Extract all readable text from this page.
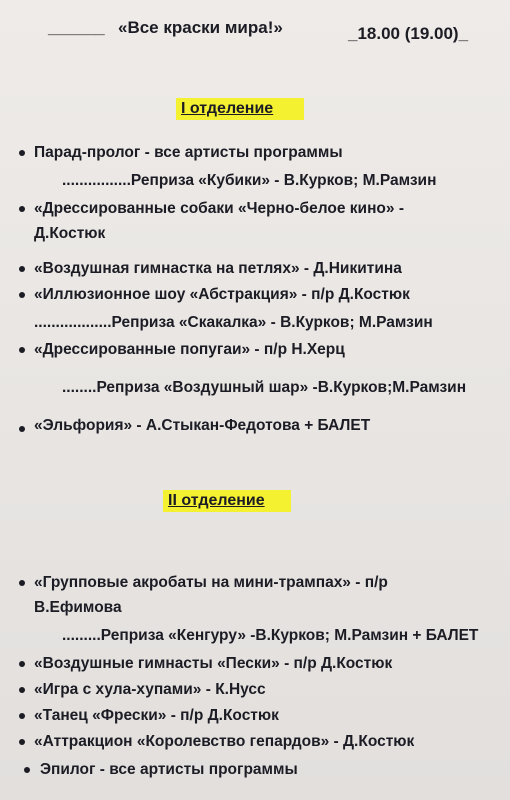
______ «Все краски мира!»	_18.00 (19.00)_
I отделение
Парад-пролог - все артисты программы
................Реприза «Кубики» - В.Курков; М.Рамзин
«Дрессированные собаки «Черно-белое кино» -
Д.Костюк
«Воздушная гимнастка на петлях» - Д.Никитина
«Иллюзионное шоу «Абстракция» - п/р Д.Костюк
..................Реприза «Скакалка» - В.Курков; М.Рамзин
«Дрессированные попугаи» - п/р Н.Херц
........Реприза «Воздушный шар» -В.Курков;М.Рамзин
«Эльфория» - А.Стыкан-Федотова + БАЛЕТ
II отделение
«Групповые акробаты на мини-трампах» - п/р
В.Ефимова
.........Реприза «Кенгуру» -В.Курков; М.Рамзин + БАЛЕТ
«Воздушные гимнасты «Пески» - п/р Д.Костюк
«Игра с хула-хупами» - К.Нусс
«Танец «Фрески» - п/р Д.Костюк
«Аттракцион «Королевство гепардов» - Д.Костюк
Эпилог - все артисты программы
